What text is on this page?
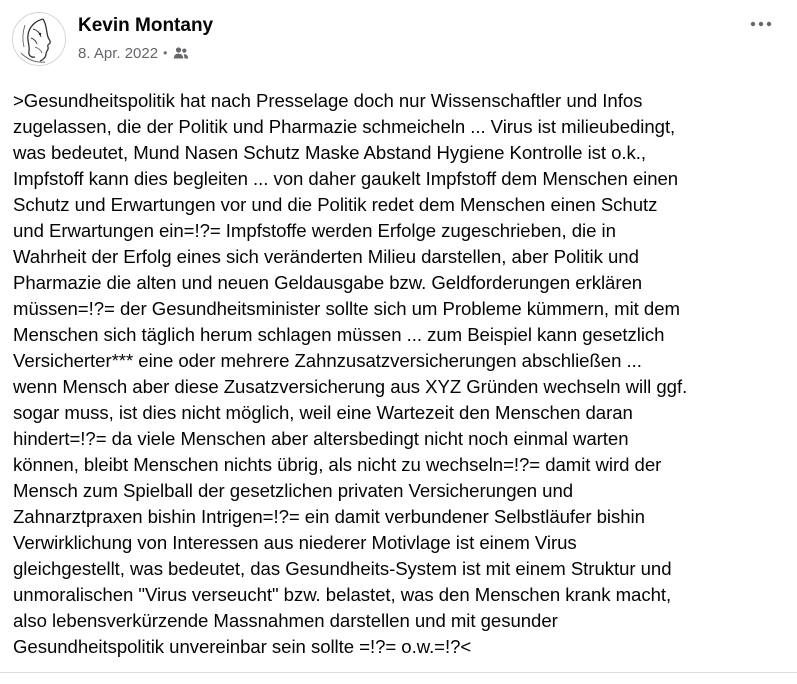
Kevin Montany
8. Apr. 2022 •

>Gesundheitspolitik hat nach Presselage doch nur Wissenschaftler und Infos
zugelassen, die der Politik und Pharmazie schmeicheln ... Virus ist milieubedingt,
was bedeutet, Mund Nasen Schutz Maske Abstand Hygiene Kontrolle ist o.k.,
Impfstoff kann dies begleiten ... von daher gaukelt Impfstoff dem Menschen einen
Schutz und Erwartungen vor und die Politik redet dem Menschen einen Schutz
und Erwartungen ein=!?= Impfstoffe werden Erfolge zugeschrieben, die in
Wahrheit der Erfolg eines sich veränderten Milieu darstellen, aber Politik und
Pharmazie die alten und neuen Geldausgabe bzw. Geldforderungen erklären
müssen=!?= der Gesundheitsminister sollte sich um Probleme kümmern, mit dem
Menschen sich täglich herum schlagen müssen ... zum Beispiel kann gesetzlich
Versicherter*** eine oder mehrere Zahnzusatzversicherungen abschließen ...
wenn Mensch aber diese Zusatzversicherung aus XYZ Gründen wechseln will ggf.
sogar muss, ist dies nicht möglich, weil eine Wartezeit den Menschen daran
hindert=!?= da viele Menschen aber altersbedingt nicht noch einmal warten
können, bleibt Menschen nichts übrig, als nicht zu wechseln=!?= damit wird der
Mensch zum Spielball der gesetzlichen privaten Versicherungen und
Zahnarztpraxen bishin Intrigen=!?= ein damit verbundener Selbstläufer bishin
Verwirklichung von Interessen aus niederer Motivlage ist einem Virus
gleichgestellt, was bedeutet, das Gesundheits-System ist mit einem Struktur und
unmoralischen "Virus verseucht" bzw. belastet, was den Menschen krank macht,
also lebensverkürzende Massnahmen darstellen und mit gesunder
Gesundheitspolitik unvereinbar sein sollte =!?= o.w.=!?<
